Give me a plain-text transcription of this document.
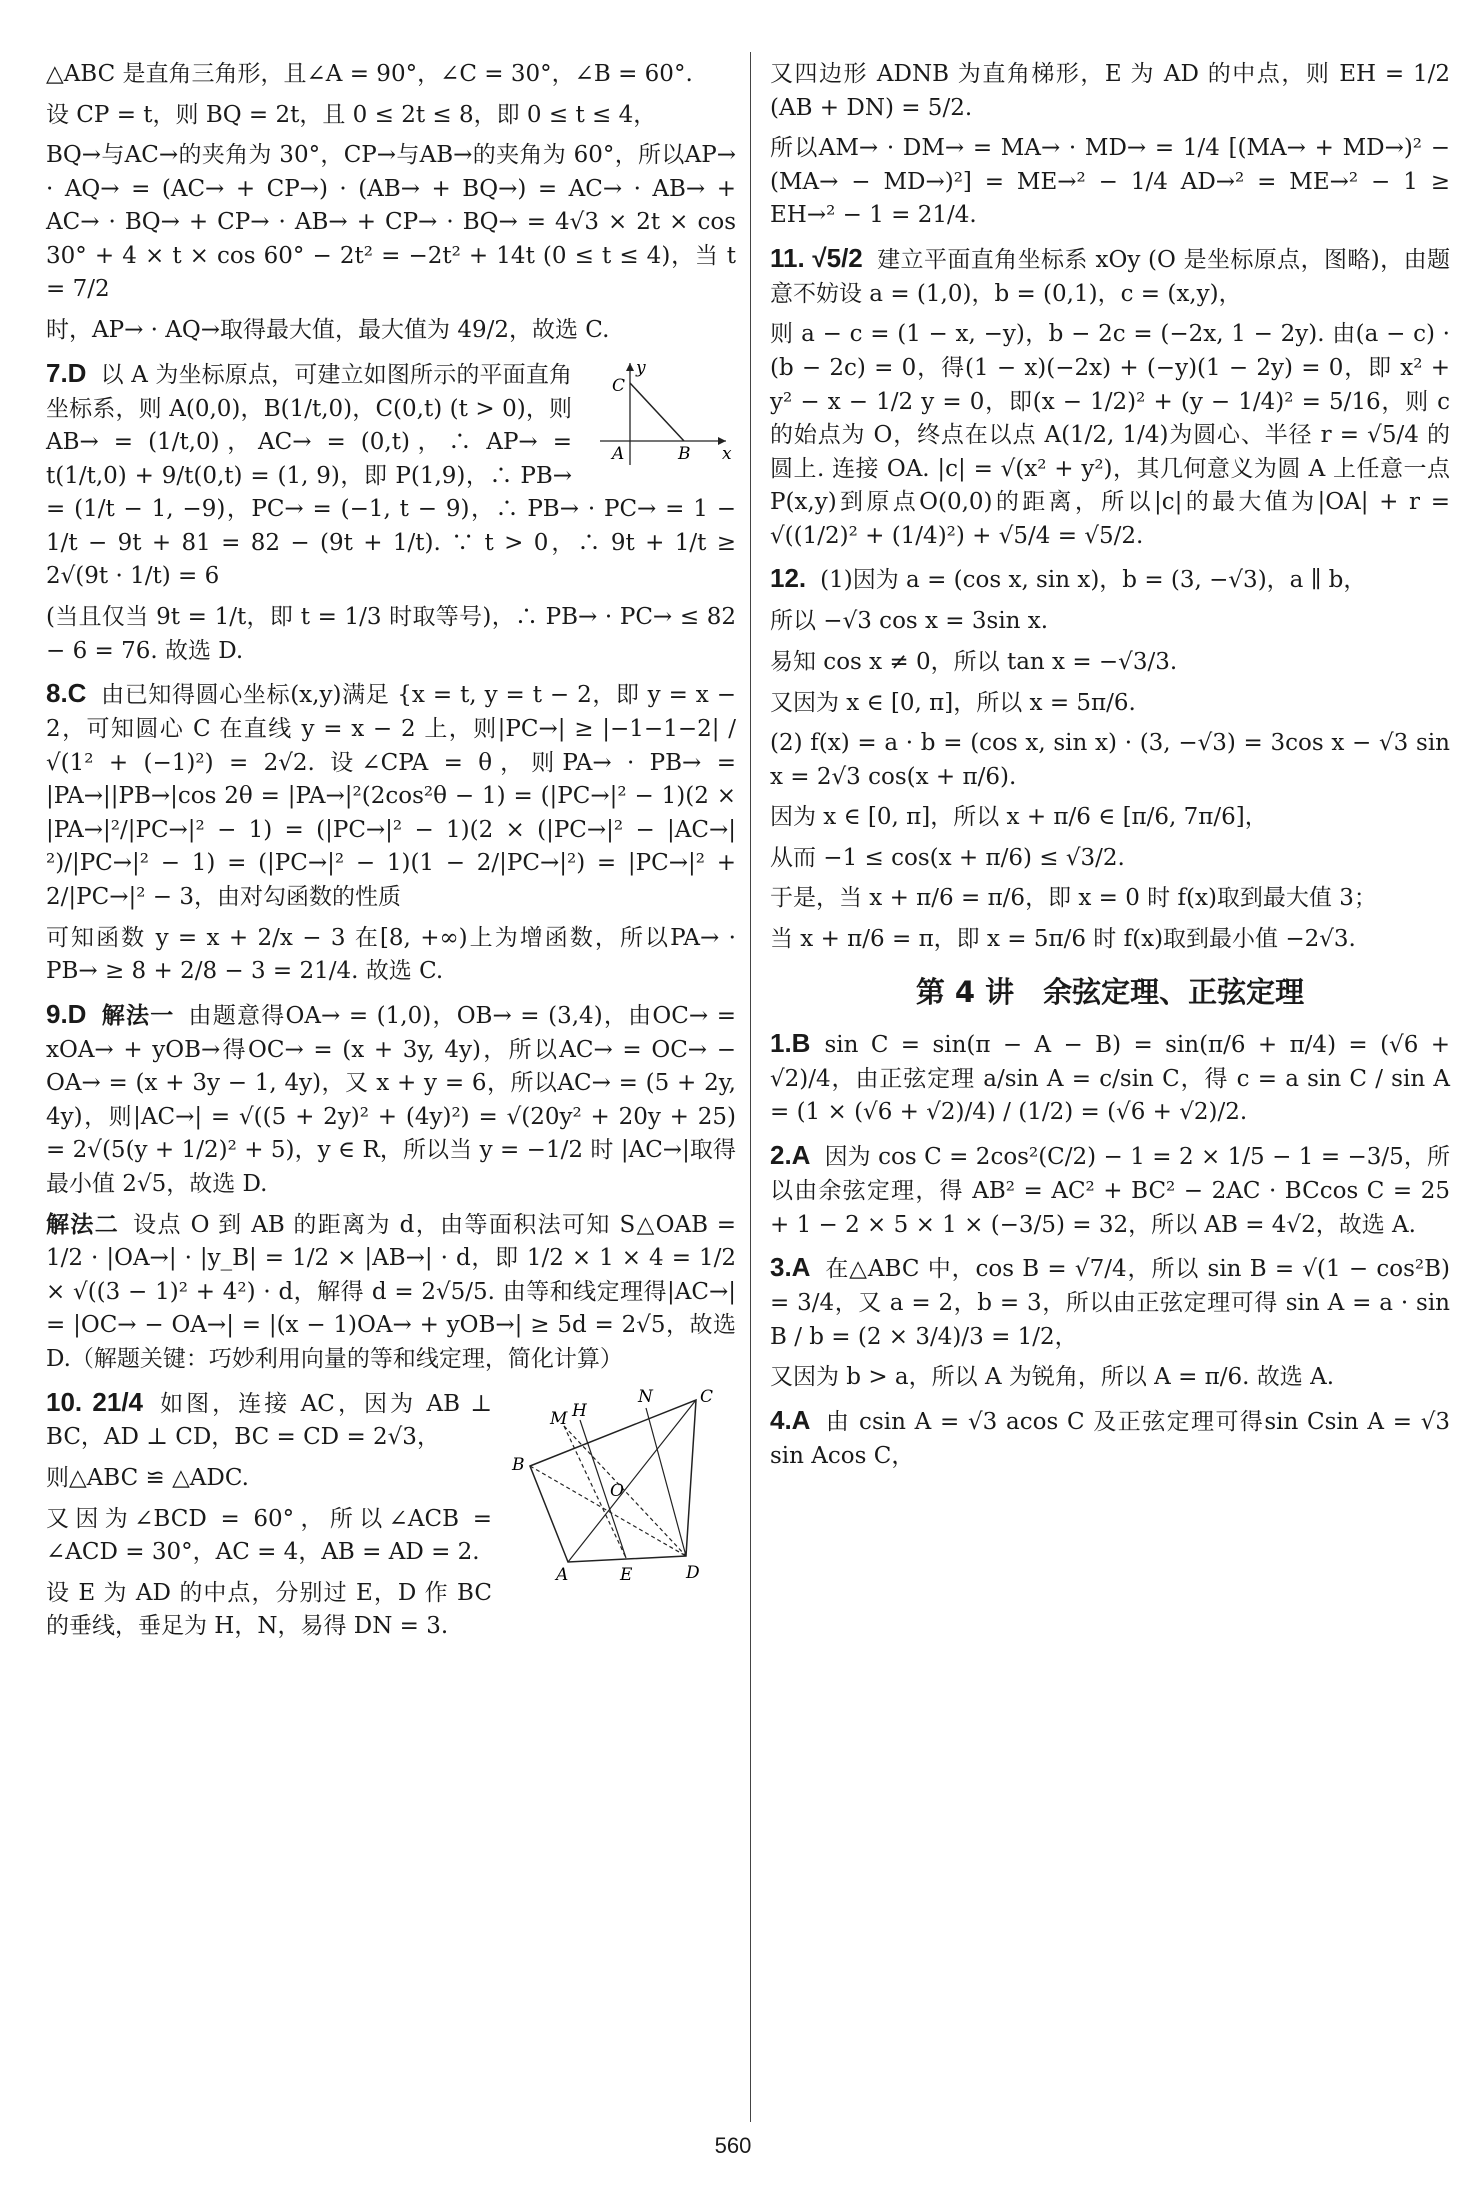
△ABC 是直角三角形，且∠A = 90°，∠C = 30°，∠B = 60°.

设 CP = t，则 BQ = 2t，且 0 ≤ 2t ≤ 8，即 0 ≤ t ≤ 4，

BQ→与AC→的夹角为 30°，CP→与AB→的夹角为 60°，所以AP→ · AQ→ = (AC→ + CP→) · (AB→ + BQ→) = AC→ · AB→ + AC→ · BQ→ + CP→ · AB→ + CP→ · BQ→ = 4√3 × 2t × cos 30° + 4 × t × cos 60° − 2t² = −2t² + 14t (0 ≤ t ≤ 4)，当 t = 7/2

时，AP→ · AQ→取得最大值，最大值为 49/2，故选 C.

C
y
A	B x

7.D 以 A 为坐标原点，可建立如图所示的平面直角坐标系，则 A(0,0)，B(1/t,0)，C(0,t) (t > 0)，则AB→ = (1/t,0)，AC→ = (0,t)，∴ AP→ = t(1/t,0) + 9/t(0,t) = (1, 9)，即 P(1,9)，∴ PB→ = (1/t − 1, −9)，PC→ = (−1, t − 9)，∴ PB→ · PC→ = 1 − 1/t − 9t + 81 = 82 − (9t + 1/t). ∵ t > 0，∴ 9t + 1/t ≥ 2√(9t · 1/t) = 6

(当且仅当 9t = 1/t，即 t = 1/3 时取等号)，∴ PB→ · PC→ ≤ 82 − 6 = 76. 故选 D.

8.C 由已知得圆心坐标(x,y)满足 {x = t, y = t − 2，即 y = x − 2，可知圆心 C 在直线 y = x − 2 上，则|PC→| ≥ |−1−1−2| / √(1² + (−1)²) = 2√2. 设∠CPA = θ，则PA→ · PB→ = |PA→||PB→|cos 2θ = |PA→|²(2cos²θ − 1) = (|PC→|² − 1)(2 × |PA→|²/|PC→|² − 1) = (|PC→|² − 1)(2 × (|PC→|² − |AC→|²)/|PC→|² − 1) = (|PC→|² − 1)(1 − 2/|PC→|²) = |PC→|² + 2/|PC→|² − 3，由对勾函数的性质

可知函数 y = x + 2/x − 3 在[8, +∞)上为增函数，所以PA→ · PB→ ≥ 8 + 2/8 − 3 = 21/4. 故选 C.

9.D 解法一 由题意得OA→ = (1,0)，OB→ = (3,4)，由OC→ = xOA→ + yOB→得OC→ = (x + 3y, 4y)，所以AC→ = OC→ − OA→ = (x + 3y − 1, 4y)，又 x + y = 6，所以AC→ = (5 + 2y, 4y)，则|AC→| = √((5 + 2y)² + (4y)²) = √(20y² + 20y + 25) = 2√(5(y + 1/2)² + 5)，y ∈ R，所以当 y = −1/2 时 |AC→|取得最小值 2√5，故选 D.

解法二 设点 O 到 AB 的距离为 d，由等面积法可知 S△OAB = 1/2 · |OA→| · |y_B| = 1/2 × |AB→| · d，即 1/2 × 1 × 4 = 1/2 × √((3 − 1)² + 4²) · d，解得 d = 2√5/5. 由等和线定理得|AC→| = |OC→ − OA→| = |(x − 1)OA→ + yOB→| ≥ 5d = 2√5，故选 D.（解题关键：巧妙利用向量的等和线定理，简化计算）

C
N
M H
B
O
A	E	D

10. 21/4 如图，连接 AC，因为 AB ⊥ BC，AD ⊥ CD，BC = CD = 2√3，

则△ABC ≌ △ADC.

又因为∠BCD = 60°，所以∠ACB = ∠ACD = 30°，AC = 4，AB = AD = 2.

设 E 为 AD 的中点，分别过 E，D 作 BC 的垂线，垂足为 H，N，易得 DN = 3.

又四边形 ADNB 为直角梯形，E 为 AD 的中点，则 EH = 1/2 (AB + DN) = 5/2.

所以AM→ · DM→ = MA→ · MD→ = 1/4 [(MA→ + MD→)² − (MA→ − MD→)²] = ME→² − 1/4 AD→² = ME→² − 1 ≥ EH→² − 1 = 21/4.

11. √5/2 建立平面直角坐标系 xOy (O 是坐标原点，图略)，由题意不妨设 a = (1,0)，b = (0,1)，c = (x,y)，

则 a − c = (1 − x, −y)，b − 2c = (−2x, 1 − 2y). 由(a − c) · (b − 2c) = 0，得(1 − x)(−2x) + (−y)(1 − 2y) = 0，即 x² + y² − x − 1/2 y = 0，即(x − 1/2)² + (y − 1/4)² = 5/16，则 c 的始点为 O，终点在以点 A(1/2, 1/4)为圆心、半径 r = √5/4 的圆上. 连接 OA. |c| = √(x² + y²)，其几何意义为圆 A 上任意一点 P(x,y)到原点O(0,0)的距离，所以|c|的最大值为|OA| + r = √((1/2)² + (1/4)²) + √5/4 = √5/2.

12. (1)因为 a = (cos x, sin x)，b = (3, −√3)，a ∥ b，

所以 −√3 cos x = 3sin x.

易知 cos x ≠ 0，所以 tan x = −√3/3.

又因为 x ∈ [0, π]，所以 x = 5π/6.

(2) f(x) = a · b = (cos x, sin x) · (3, −√3) = 3cos x − √3 sin x = 2√3 cos(x + π/6).

因为 x ∈ [0, π]，所以 x + π/6 ∈ [π/6, 7π/6]，

从而 −1 ≤ cos(x + π/6) ≤ √3/2.

于是，当 x + π/6 = π/6，即 x = 0 时 f(x)取到最大值 3；

当 x + π/6 = π，即 x = 5π/6 时 f(x)取到最小值 −2√3.

第 4 讲　余弦定理、正弦定理

1.B sin C = sin(π − A − B) = sin(π/6 + π/4) = (√6 + √2)/4，由正弦定理 a/sin A = c/sin C，得 c = a sin C / sin A = (1 × (√6 + √2)/4) / (1/2) = (√6 + √2)/2.

2.A 因为 cos C = 2cos²(C/2) − 1 = 2 × 1/5 − 1 = −3/5，所以由余弦定理，得 AB² = AC² + BC² − 2AC · BCcos C = 25 + 1 − 2 × 5 × 1 × (−3/5) = 32，所以 AB = 4√2，故选 A.

3.A 在△ABC 中，cos B = √7/4，所以 sin B = √(1 − cos²B) = 3/4，又 a = 2，b = 3，所以由正弦定理可得 sin A = a · sin B / b = (2 × 3/4)/3 = 1/2，

又因为 b > a，所以 A 为锐角，所以 A = π/6. 故选 A.

4.A 由 csin A = √3 acos C 及正弦定理可得sin Csin A = √3 sin Acos C，

560
